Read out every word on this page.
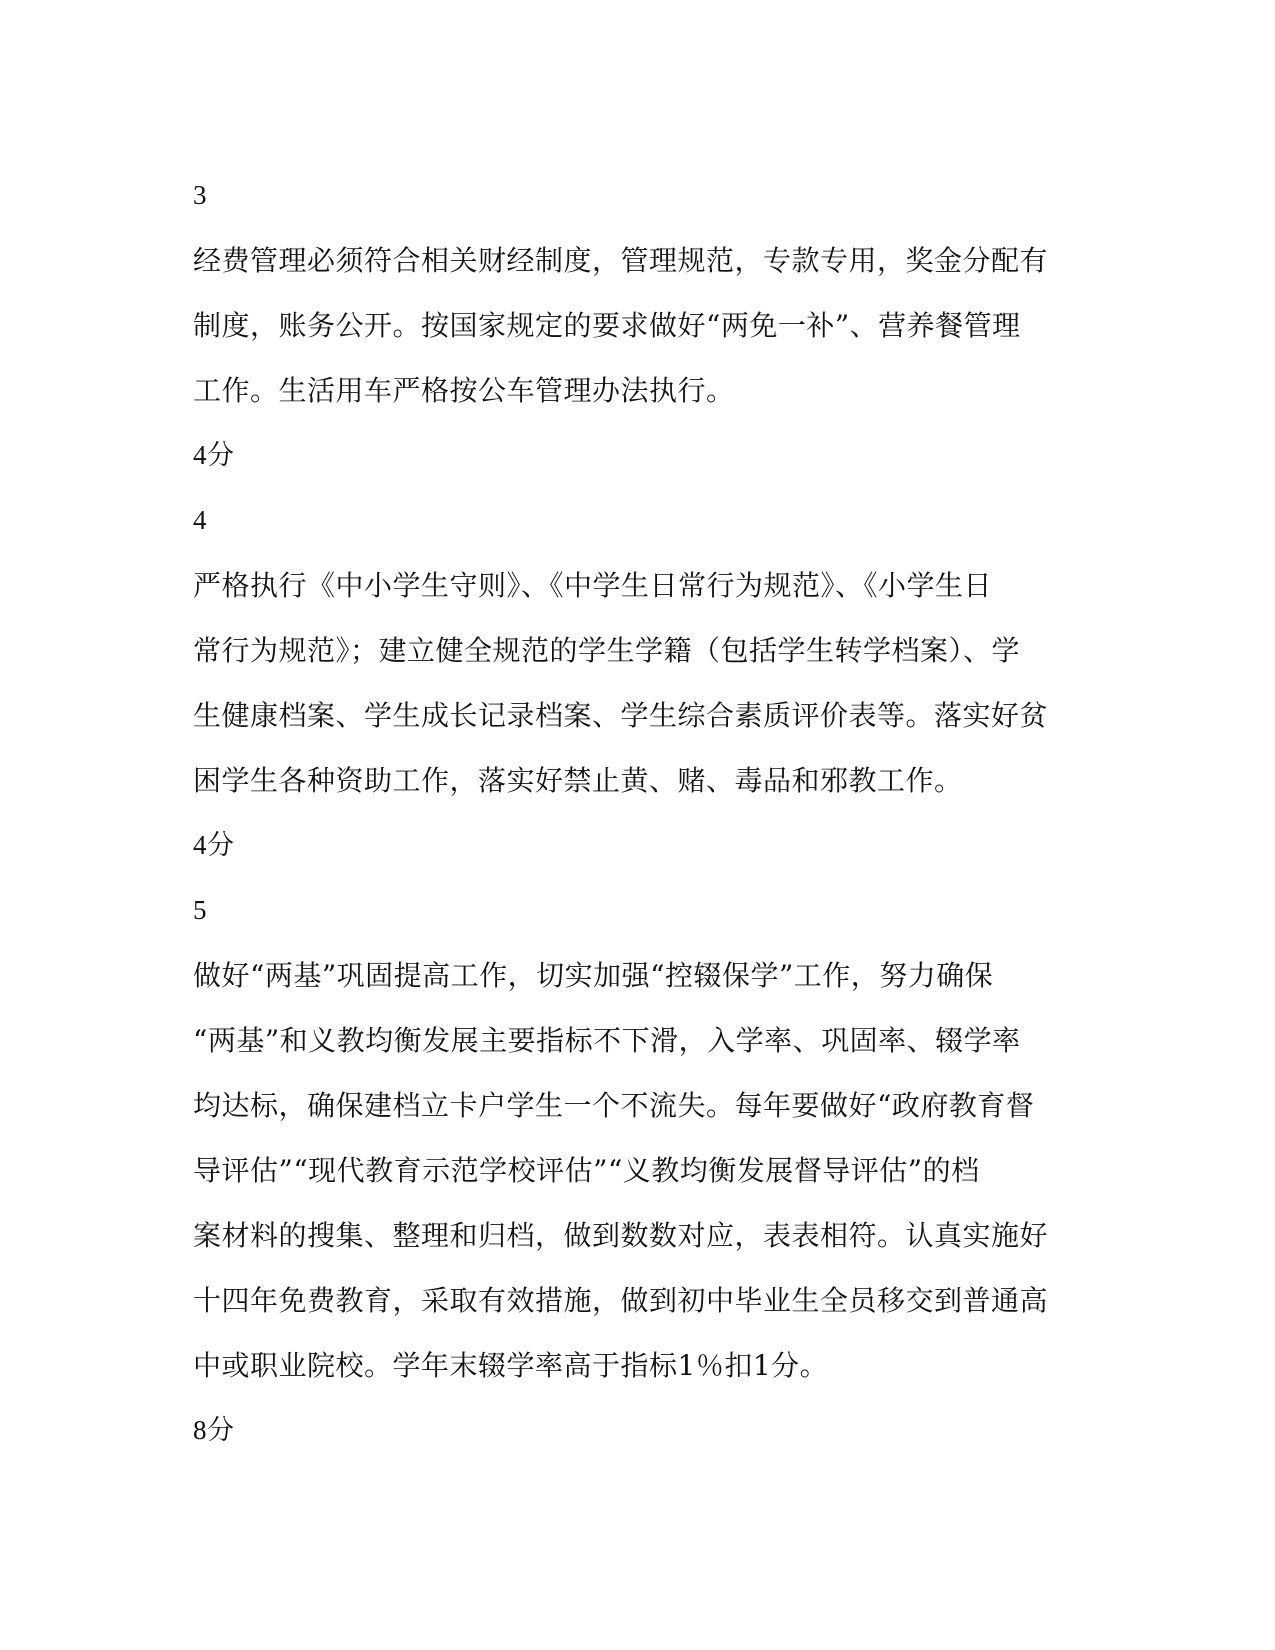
3
经费管理必须符合相关财经制度，管理规范，专款专用，奖金分配有
制度，账务公开。按国家规定的要求做好“两免一补”、营养餐管理
工作。生活用车严格按公车管理办法执行。
4分
4
严格执行《中小学生守则》、《中学生日常行为规范》、《小学生日
常行为规范》；建立健全规范的学生学籍（包括学生转学档案）、学
生健康档案、学生成长记录档案、学生综合素质评价表等。落实好贫
困学生各种资助工作，落实好禁止黄、赌、毒品和邪教工作。
4分
5
做好“两基”巩固提高工作，切实加强“控辍保学”工作，努力确保
“两基”和义教均衡发展主要指标不下滑，入学率、巩固率、辍学率
均达标，确保建档立卡户学生一个不流失。每年要做好“政府教育督
导评估”“现代教育示范学校评估”“义教均衡发展督导评估”的档
案材料的搜集、整理和归档，做到数数对应，表表相符。认真实施好
十四年免费教育，采取有效措施，做到初中毕业生全员移交到普通高
中或职业院校。学年末辍学率高于指标1％扣1分。
8分
